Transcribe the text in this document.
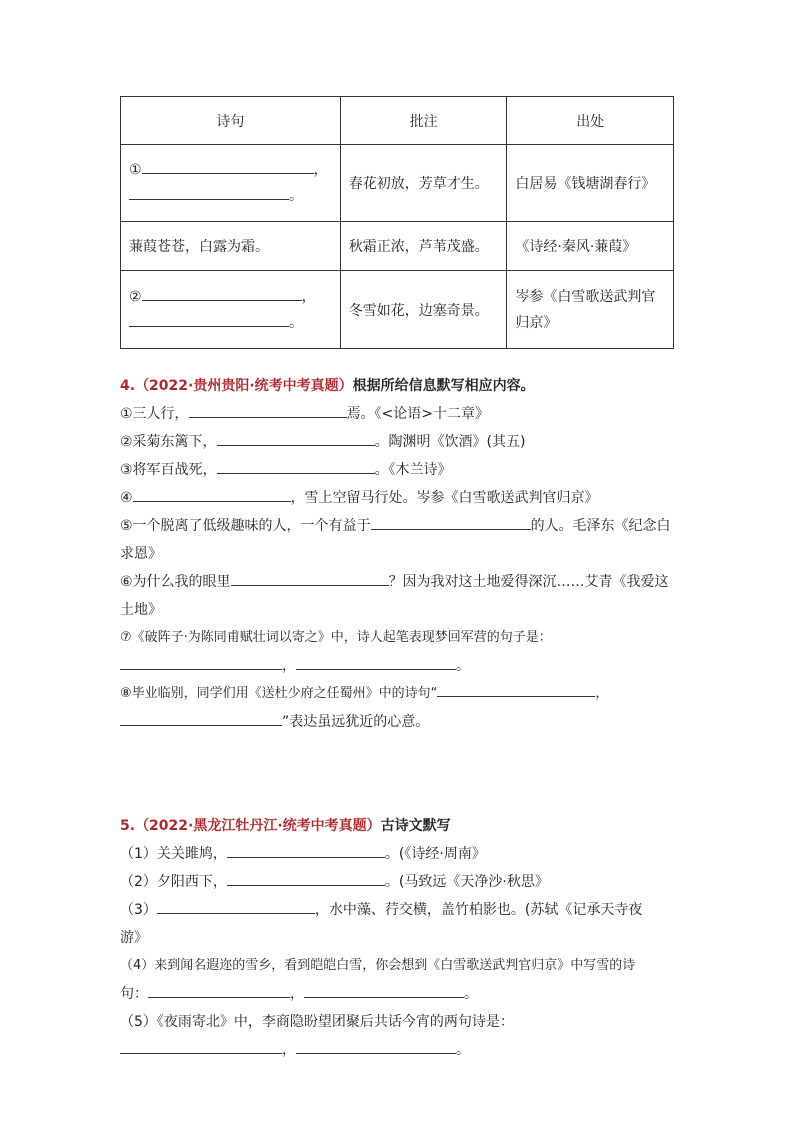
诗句	批注	出处

① ，
。	春花初放，芳草才生。	白居易《钱塘湖春行》
蒹葭苍苍，白露为霜。	秋霜正浓，芦苇茂盛。	《诗经·秦风·蒹葭》

② ，
。	冬雪如花，边塞奇景。	岑参《白雪歌送武判官归京》
4.（2022·贵州贵阳·统考中考真题）根据所给信息默写相应内容。
①三人行，	焉。《<论语>十二章》
②采菊东篱下，	。陶渊明《饮酒》(其五)
③将军百战死，	。《木兰诗》
④	，雪上空留马行处。岑参《白雪歌送武判官归京》
⑤一个脱离了低级趣味的人，一个有益于	的人。毛泽东《纪念白
求恩》
⑥为什么我的眼里	？因为我对这土地爱得深沉……艾青《我爱这
土地》
⑦《破阵子·为陈同甫赋壮词以寄之》中，诗人起笔表现梦回军营的句子是：
，	。
⑧毕业临别，同学们用《送杜少府之任蜀州》中的诗句“	，
”表达虽远犹近的心意。
5.（2022·黑龙江牡丹江·统考中考真题）古诗文默写
（1）关关雎鸠，	。(《诗经·周南》
（2）夕阳西下，	。(马致远《天净沙·秋思》
（3）	，水中藻、荇交横，盖竹柏影也。(苏轼《记承天寺夜
游》
（4）来到闻名遐迩的雪乡，看到皑皑白雪，你会想到《白雪歌送武判官归京》中写雪的诗
句：	，	。
（5）《夜雨寄北》中，李商隐盼望团聚后共话今宵的两句诗是：
，	。
